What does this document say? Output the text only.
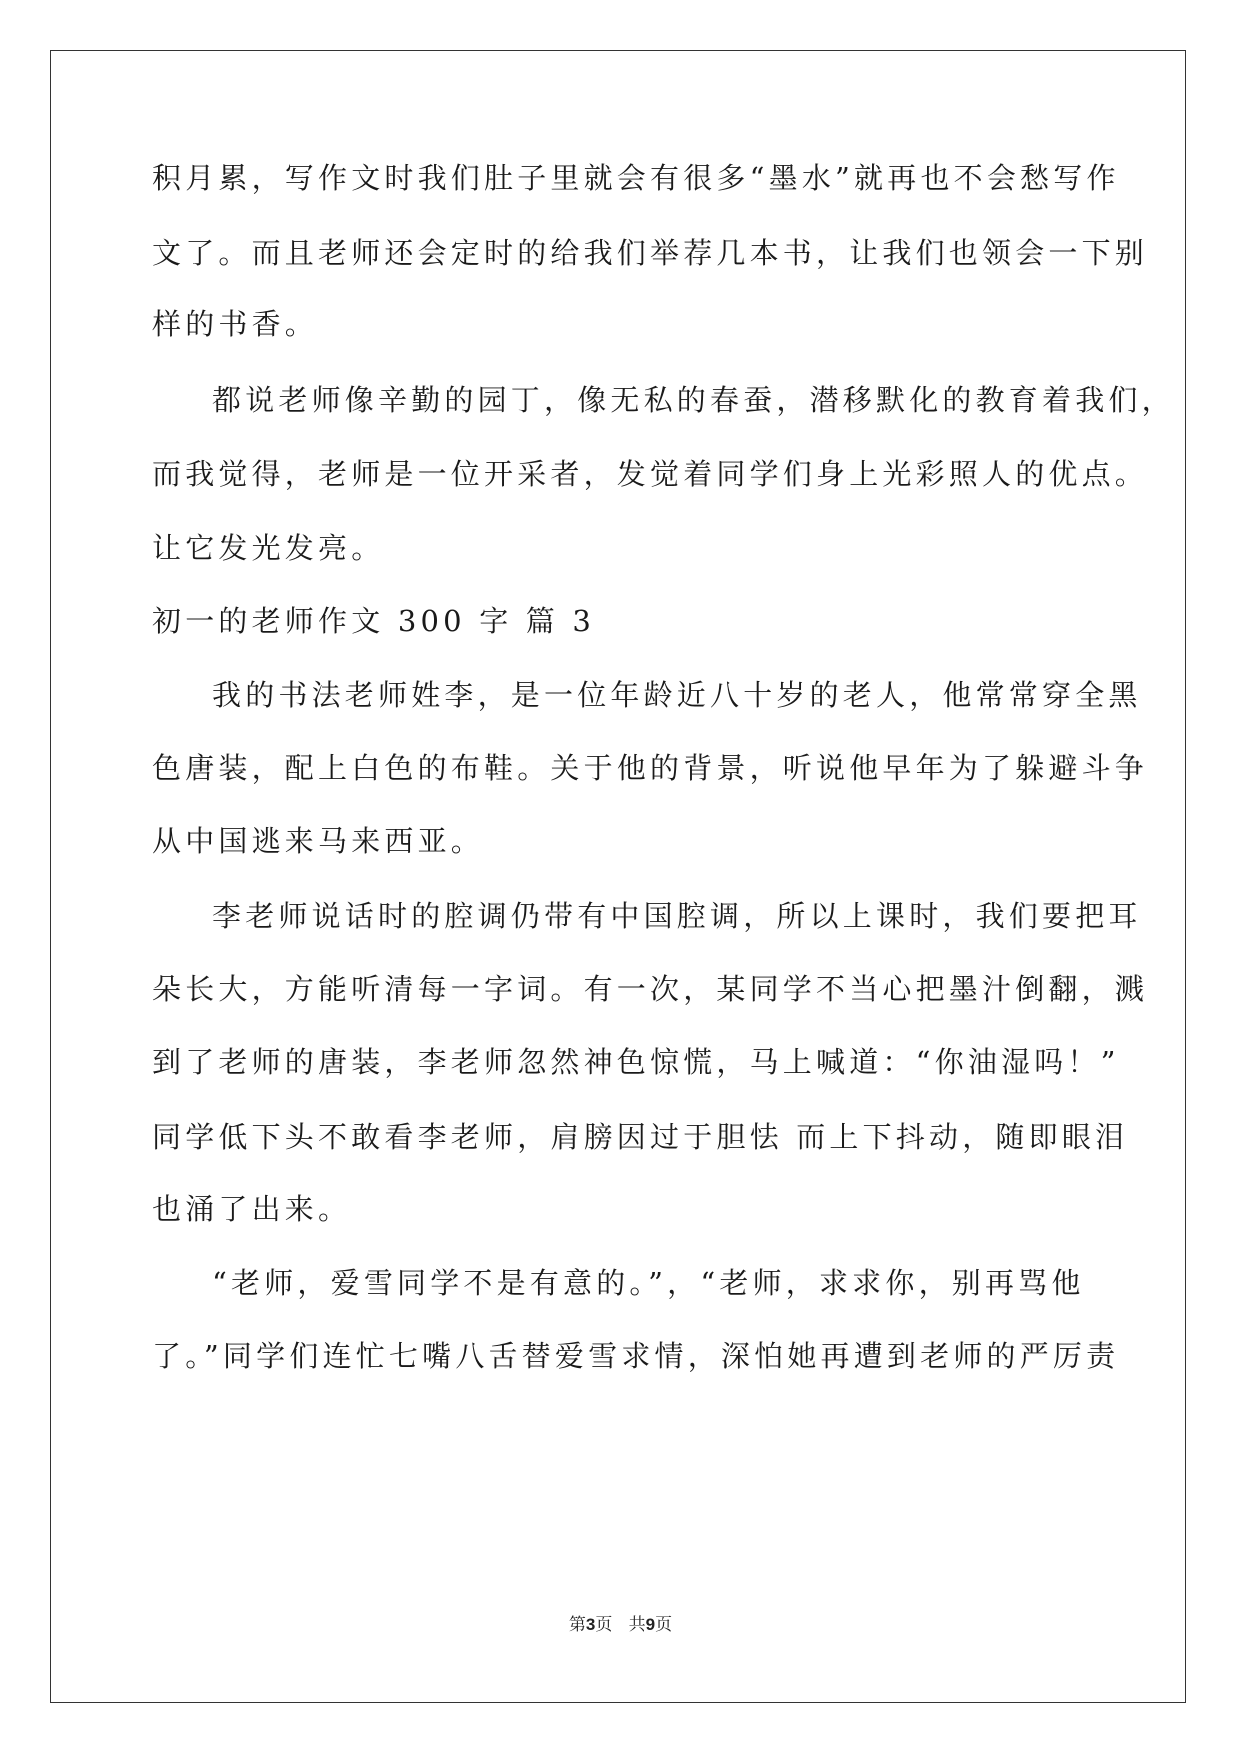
积月累，写作文时我们肚子里就会有很多“墨水”就再也不会愁写作

文了。而且老师还会定时的给我们举荐几本书，让我们也领会一下别

样的书香。

都说老师像辛勤的园丁，像无私的春蚕，潜移默化的教育着我们，

而我觉得，老师是一位开采者，发觉着同学们身上光彩照人的优点。

让它发光发亮。

初一的老师作文 300 字 篇 3

我的书法老师姓李，是一位年龄近八十岁的老人，他常常穿全黑

色唐装，配上白色的布鞋。关于他的背景，听说他早年为了躲避斗争

从中国逃来马来西亚。

李老师说话时的腔调仍带有中国腔调，所以上课时，我们要把耳

朵长大，方能听清每一字词。有一次，某同学不当心把墨汁倒翻，溅

到了老师的唐装，李老师忽然神色惊慌，马上喊道：“你油湿吗！”

同学低下头不敢看李老师，肩膀因过于胆怯 而上下抖动，随即眼泪

也涌了出来。

“老师，爱雪同学不是有意的。”，“老师，求求你，别再骂他

了。”同学们连忙七嘴八舌替爱雪求情，深怕她再遭到老师的严厉责

第3页   共9页
